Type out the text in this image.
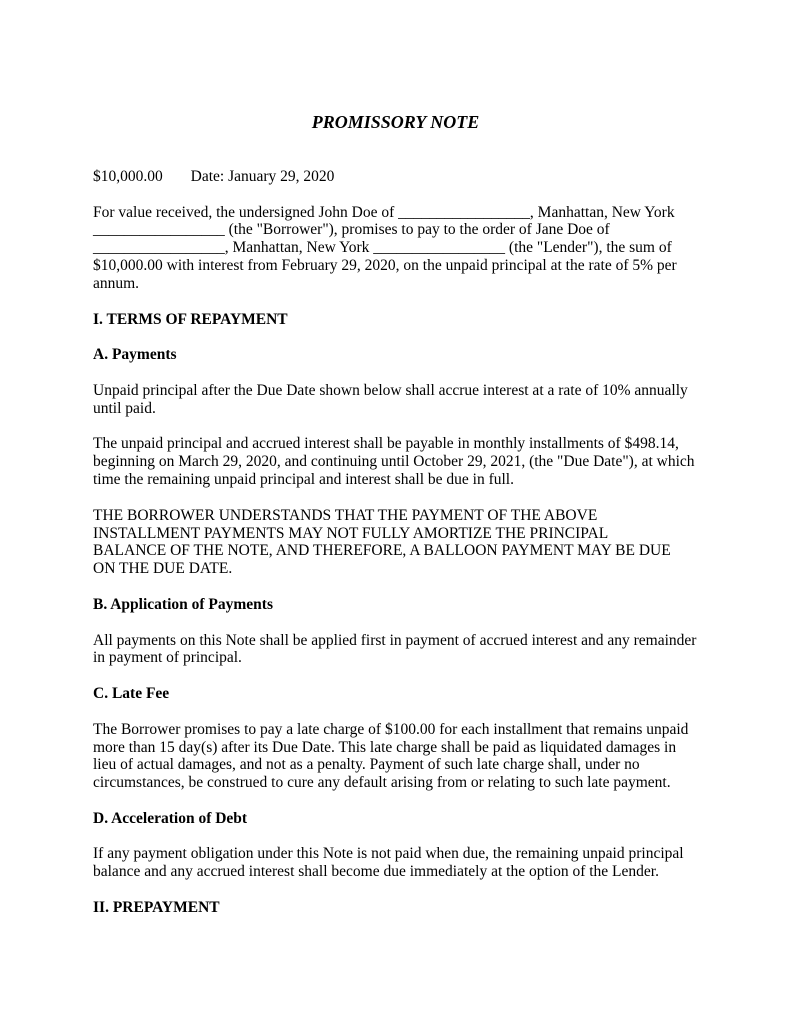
PROMISSORY NOTE
$10,000.00 Date: January 29, 2020
For value received, the undersigned John Doe of _________________, Manhattan, New York
_________________ (the "Borrower"), promises to pay to the order of Jane Doe of
_________________, Manhattan, New York _________________ (the "Lender"), the sum of
$10,000.00 with interest from February 29, 2020, on the unpaid principal at the rate of 5% per
annum.
I. TERMS OF REPAYMENT
A. Payments
Unpaid principal after the Due Date shown below shall accrue interest at a rate of 10% annually
until paid.
The unpaid principal and accrued interest shall be payable in monthly installments of $498.14,
beginning on March 29, 2020, and continuing until October 29, 2021, (the "Due Date"), at which
time the remaining unpaid principal and interest shall be due in full.
THE BORROWER UNDERSTANDS THAT THE PAYMENT OF THE ABOVE
INSTALLMENT PAYMENTS MAY NOT FULLY AMORTIZE THE PRINCIPAL
BALANCE OF THE NOTE, AND THEREFORE, A BALLOON PAYMENT MAY BE DUE
ON THE DUE DATE.
B. Application of Payments
All payments on this Note shall be applied first in payment of accrued interest and any remainder
in payment of principal.
C. Late Fee
The Borrower promises to pay a late charge of $100.00 for each installment that remains unpaid
more than 15 day(s) after its Due Date. This late charge shall be paid as liquidated damages in
lieu of actual damages, and not as a penalty. Payment of such late charge shall, under no
circumstances, be construed to cure any default arising from or relating to such late payment.
D. Acceleration of Debt
If any payment obligation under this Note is not paid when due, the remaining unpaid principal
balance and any accrued interest shall become due immediately at the option of the Lender.
II. PREPAYMENT
